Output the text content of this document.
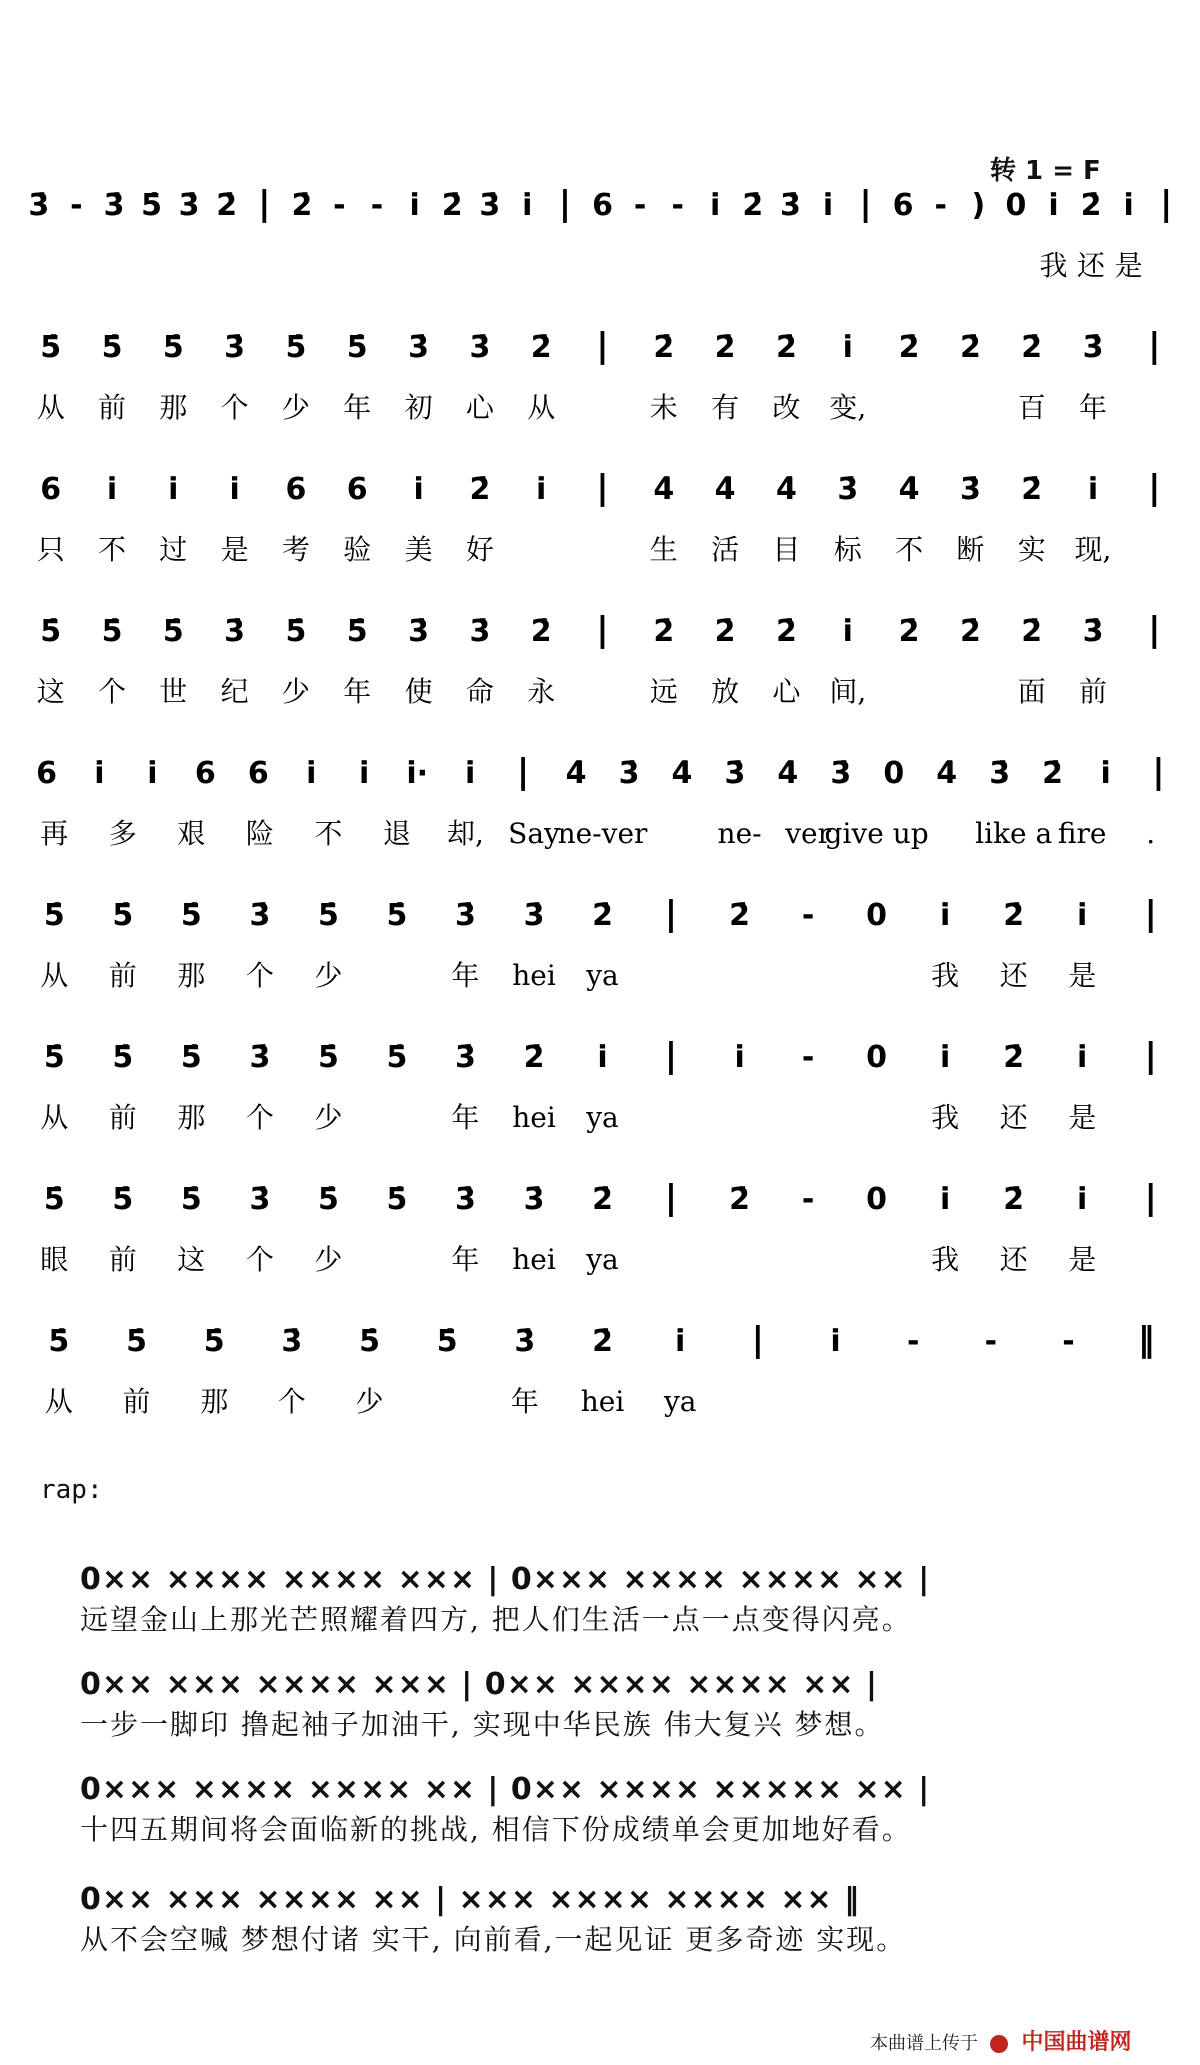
转 1 = F
3̇ - 3̇ 5̇ 3̇ 2̇ | 2̇ - - i̇ 2̇ 3̇ i̇ | 6 - - i̇ 2̇ 3̇ i̇ | 6 - ) 0 i̇ 2̇ i̇ |
我 还 是
5̇ 5̇ 5̇ 3̇ 5̇ 5̇ 3̇ 3̇ 2̇ | 2̇ 2̇ 2̇ i̇ 2̇ 2̇ 2̇ 3̇ |
从 前 那 个 少 年 初 心 从	未 有 改 变,	百 年
6 i̇ i̇ i̇ 6 6 i̇ 2̇ i̇ | 4̇ 4̇ 4̇ 3̇ 4̇ 3̇ 2̇ i̇ |
只 不 过 是 考 验 美 好	生 活 目 标 不 断 实 现,
5̇ 5̇ 5̇ 3̇ 5̇ 5̇ 3̇ 3̇ 2̇ | 2̇ 2̇ 2̇ i̇ 2̇ 2̇ 2̇ 3̇ |
这 个 世 纪 少 年 使 命 永	远 放 心 间,	面 前
6 i̇ i̇ 6 6 i̇ i̇ i̇· i̇ | 4̇ 3̇ 4̇ 3̇ 4̇ 3̇ 0 4̇ 3̇ 2̇ i̇ |
再 多 艰 险 不 退 却, Say
ne-ver	ne- ver
give up like a fire .
5̇ 5̇ 5̇ 3̇ 5̇ 5̇ 3̇ 3̇ 2̇ | 2̇ - 0 i̇ 2̇ i̇ |
从 前 那 个 少	年 hei ya	我 还 是
5̇ 5̇ 5̇ 3̇ 5̇ 5̇ 3̇ 2̇ i̇ | i̇ - 0 i̇ 2̇ i̇ |
从 前 那 个 少	年 hei ya	我 还 是
5̇ 5̇ 5̇ 3̇ 5̇ 5̇ 3̇ 3̇ 2̇ | 2̇ - 0 i̇ 2̇ i̇ |
眼 前 这 个 少	年 hei ya	我 还 是
5̇ 5̇ 5̇ 3̇ 5̇ 5̇ 3̇ 2̇ i̇ | i̇ - - - ‖
从 前 那 个 少	年 hei ya
rap:
0×× ×××× ×××× ××× | 0××× ×××× ×××× ×× |
远望金山上那光芒照耀着四方, 把人们生活一点一点变得闪亮。
0×× ××× ×××× ××× | 0×× ×××× ×××× ×× |
一步一脚印 撸起袖子加油干, 实现中华民族 伟大复兴 梦想。
0××× ×××× ×××× ×× | 0×× ×××× ××××× ×× |
十四五期间将会面临新的挑战, 相信下份成绩单会更加地好看。
0×× ××× ×××× ×× | ××× ×××× ×××× ×× ‖
从不会空喊 梦想付诸 实干, 向前看,一起见证 更多奇迹 实现。
本曲谱上传于 中国曲谱网
